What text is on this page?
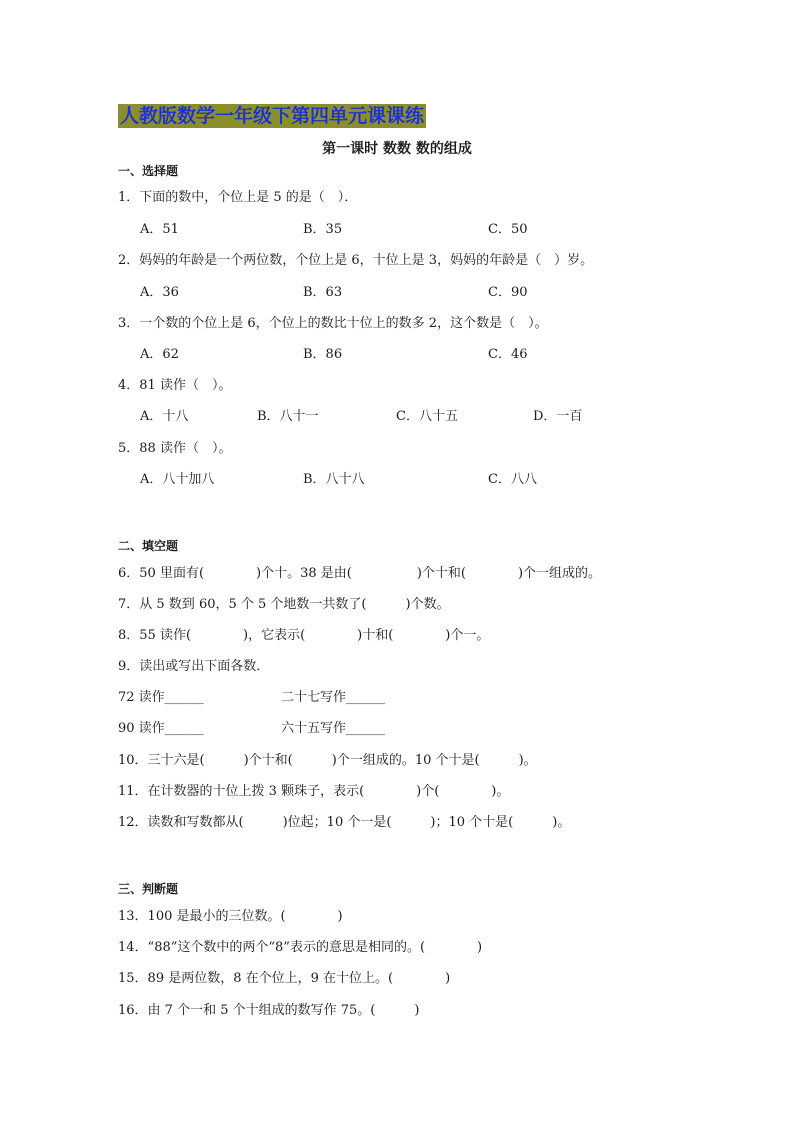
人教版数学一年级下第四单元课课练
第一课时 数数 数的组成
一、选择题
1．下面的数中，个位上是 5 的是（　）．
A．51	B．35	C．50
2．妈妈的年龄是一个两位数，个位上是 6，十位上是 3，妈妈的年龄是（　）岁。
A．36	B．63	C．90
3．一个数的个位上是 6，个位上的数比十位上的数多 2，这个数是（　）。
A．62	B．86	C．46
4．81 读作（　）。
A．十八	B．八十一	C．八十五	D．一百
5．88 读作（　）。
A．八十加八	B．八十八	C．八八
二、填空题
6．50 里面有(　　　　)个十。38 是由(　　　　　)个十和(　　　　)个一组成的。
7．从 5 数到 60，5 个 5 个地数一共数了(　　　)个数。
8．55 读作(　　　　)，它表示(　　　　)十和(　　　　)个一。
9．读出或写出下面各数．
72 读作______	二十七写作______
90 读作______	六十五写作______
10．三十六是(　　　)个十和(　　　)个一组成的。10 个十是(　　　)。
11．在计数器的十位上拨 3 颗珠子，表示(　　　　)个(　　　　)。
12．读数和写数都从(　　　)位起；10 个一是(　　　)；10 个十是(　　　)。
三、判断题
13．100 是最小的三位数。(　　　　)
14．“88”这个数中的两个“8”表示的意思是相同的。(　　　　)
15．89 是两位数，8 在个位上，9 在十位上。(　　　　)
16．由 7 个一和 5 个十组成的数写作 75。(　　　)
